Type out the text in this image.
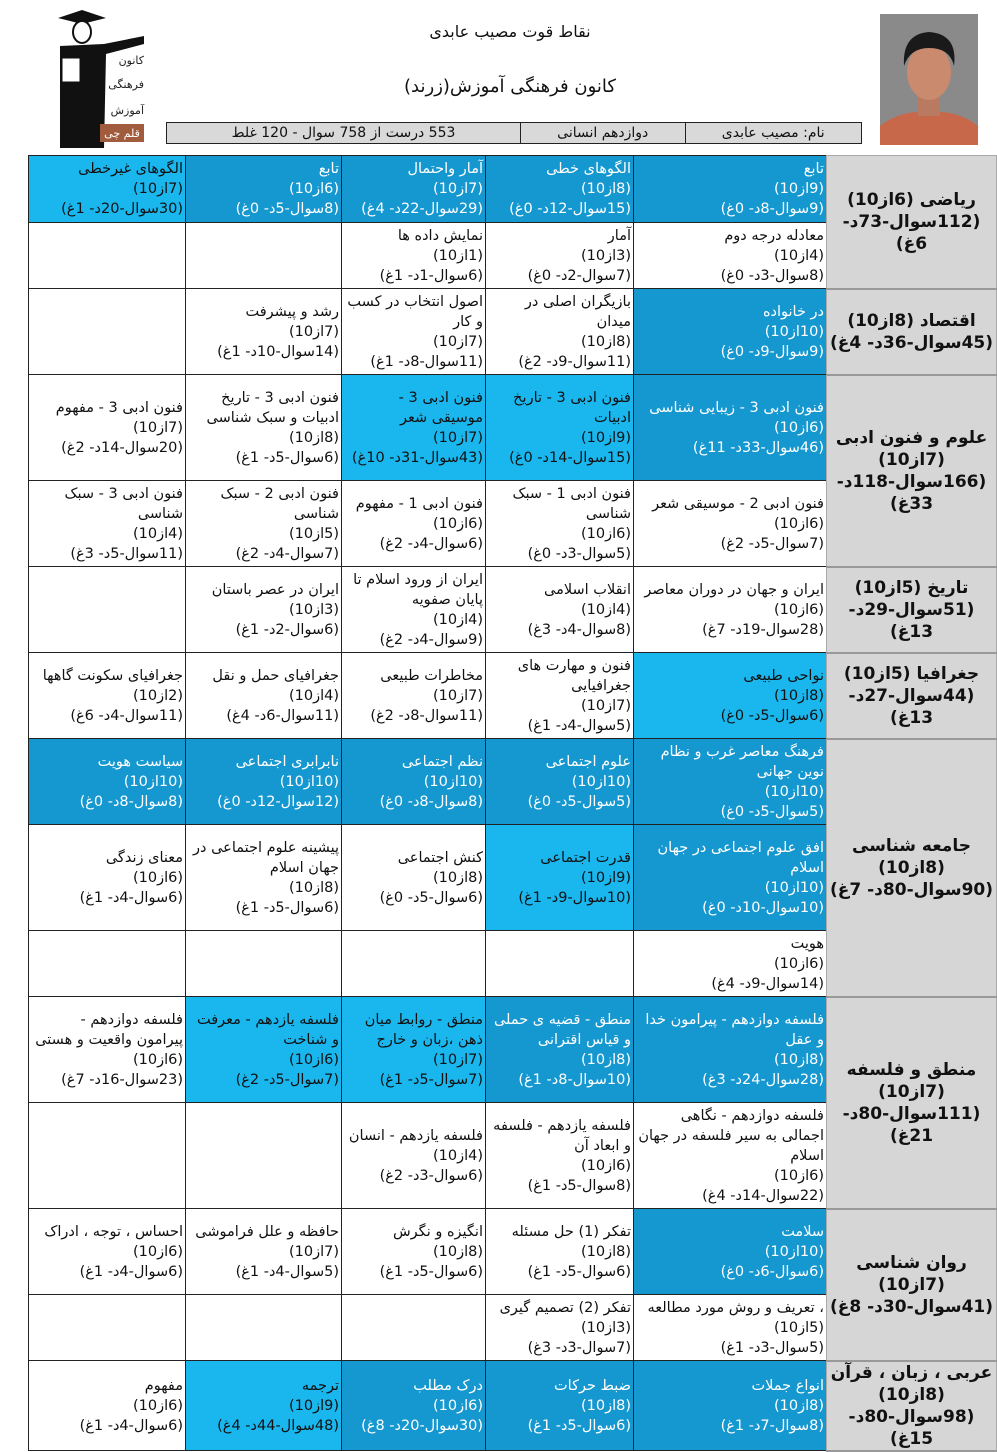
نقاط قوت مصیب عابدی
کانون فرهنگی آموزش(زرند)
نام: مصیب عابدی
دوازدهم انسانی
553 درست از 758 سوال - 120 غلط
قلم چی
کانون
فرهنگی
آموزش
ریاضی (6از10)
(112سوال-73د- 6غ)	تابع
(9از10)
(9سوال-8د- 0غ)	الگوهای خطی
(8از10)
(15سوال-12د- 0غ)	آمار واحتمال
(7از10)
(29سوال-22د- 4غ)	تابع
(6از10)
(8سوال-5د- 0غ)	الگوهای غیرخطی
(7از10)
(30سوال-20د- 1غ)

	معادله درجه دوم
(4از10)
(8سوال-3د- 0غ)	آمار
(3از10)
(7سوال-2د- 0غ)	نمایش داده ها
(1از10)
(6سوال-1د- 1غ)		

اقتصاد (8از10)
(45سوال-36د- 4غ)	در خانواده
(10از10)
(9سوال-9د- 0غ)	بازیگران اصلی در میدان
(8از10)
(11سوال-9د- 2غ)	اصول انتخاب در کسب و کار
(7از10)
(11سوال-8د- 1غ)	رشد و پیشرفت
(7از10)
(14سوال-10د- 1غ)	

علوم و فنون ادبی (7از10)
(166سوال-118د- 33غ)	فنون ادبی 3 - زیبایی شناسی
(6از10)
(46سوال-33د- 11غ)	فنون ادبی 3 - تاریخ ادبیات
(9از10)
(15سوال-14د- 0غ)	فنون ادبی 3 - موسیقی شعر
(7از10)
(43سوال-31د- 10غ)	فنون ادبی 3 - تاریخ ادبیات و سبک شناسی
(8از10)
(6سوال-5د- 1غ)	فنون ادبی 3 - مفهوم
(7از10)
(20سوال-14د- 2غ)

	فنون ادبی 2 - موسیقی شعر
(6از10)
(7سوال-5د- 2غ)	فنون ادبی 1 - سبک شناسی
(6از10)
(5سوال-3د- 0غ)	فنون ادبی 1 - مفهوم
(6از10)
(6سوال-4د- 2غ)	فنون ادبی 2 - سبک شناسی
(5از10)
(7سوال-4د- 2غ)	فنون ادبی 3 - سبک شناسی
(4از10)
(11سوال-5د- 3غ)

تاریخ (5از10)
(51سوال-29د- 13غ)	ایران و جهان در دوران معاصر
(6از10)
(28سوال-19د- 7غ)	انقلاب اسلامی
(4از10)
(8سوال-4د- 3غ)	ایران از ورود اسلام تا پایان صفویه
(4از10)
(9سوال-4د- 2غ)	ایران در عصر باستان
(3از10)
(6سوال-2د- 1غ)	

جغرافیا (5از10)
(44سوال-27د- 13غ)	نواحی طبیعی
(8از10)
(6سوال-5د- 0غ)	فنون و مهارت های جغرافیایی
(7از10)
(5سوال-4د- 1غ)	مخاطرات طبیعی
(7از10)
(11سوال-8د- 2غ)	جغرافیای حمل و نقل
(4از10)
(11سوال-6د- 4غ)	جغرافیای سکونت گاهها
(2از10)
(11سوال-4د- 6غ)

جامعه شناسی (8از10)
(90سوال-80د- 7غ)	فرهنگ معاصر غرب و نظام نوین جهانی
(10از10)
(5سوال-5د- 0غ)	علوم اجتماعی
(10از10)
(5سوال-5د- 0غ)	نظم اجتماعی
(10از10)
(8سوال-8د- 0غ)	نابرابری اجتماعی
(10از10)
(12سوال-12د- 0غ)	سیاست هویت
(10از10)
(8سوال-8د- 0غ)

	افق علوم اجتماعی در جهان اسلام
(10از10)
(10سوال-10د- 0غ)	قدرت اجتماعی
(9از10)
(10سوال-9د- 1غ)	کنش اجتماعی
(8از10)
(6سوال-5د- 0غ)	پیشینه علوم اجتماعی در جهان اسلام
(8از10)
(6سوال-5د- 1غ)	معنای زندگی
(6از10)
(6سوال-4د- 1غ)

	هویت
(6از10)
(14سوال-9د- 4غ)				

منطق و فلسفه (7از10)
(111سوال-80د- 21غ)	فلسفه دوازدهم - پیرامون خدا و عقل
(8از10)
(28سوال-24د- 3غ)	منطق - قضیه ی حملی و قیاس اقترانی
(8از10)
(10سوال-8د- 1غ)	منطق - روابط میان ذهن ،زبان و خارج
(7از10)
(7سوال-5د- 1غ)	فلسفه یازدهم - معرفت و شناخت
(6از10)
(7سوال-5د- 2غ)	فلسفه دوازدهم - پیرامون واقعیت و هستی
(6از10)
(23سوال-16د- 7غ)

	فلسفه دوازدهم - نگاهی اجمالی به سیر فلسفه در جهان اسلام
(6از10)
(22سوال-14د- 4غ)	فلسفه یازدهم - فلسفه و ابعاد آن
(6از10)
(8سوال-5د- 1غ)	فلسفه یازدهم - انسان
(4از10)
(6سوال-3د- 2غ)		

روان شناسی (7از10)
(41سوال-30د- 8غ)	سلامت
(10از10)
(6سوال-6د- 0غ)	تفکر (1) حل مسئله
(8از10)
(6سوال-5د- 1غ)	انگیزه و نگرش
(8از10)
(6سوال-5د- 1غ)	حافظه و علل فراموشی
(7از10)
(5سوال-4د- 1غ)	احساس ، توجه ، ادراک
(6از10)
(6سوال-4د- 1غ)

	، تعریف و روش مورد مطالعه
(5از10)
(5سوال-3د- 1غ)	تفکر (2) تصمیم گیری
(3از10)
(7سوال-3د- 3غ)			

عربی ، زبان ، قرآن (8از10)
(98سوال-80د- 15غ)	انواع جملات
(8از10)
(8سوال-7د- 1غ)	ضبط حرکات
(8از10)
(6سوال-5د- 1غ)	درک مطلب
(6از10)
(30سوال-20د- 8غ)	ترجمه
(9از10)
(48سوال-44د- 4غ)	مفهوم
(6از10)
(6سوال-4د- 1غ)
